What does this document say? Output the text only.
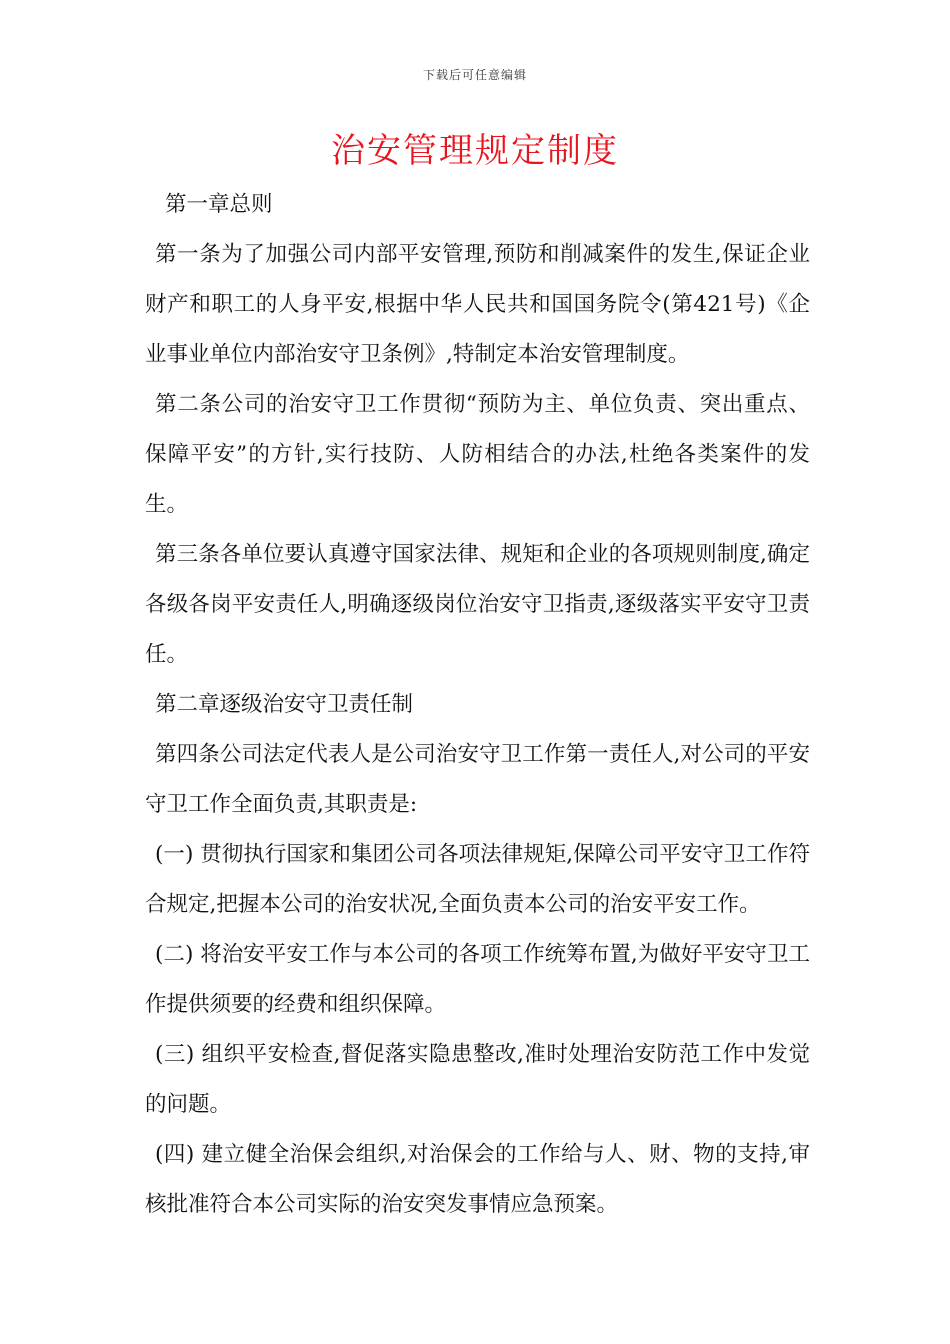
下载后可任意编辑
治安管理规定制度

第一章总则

第一条为了加强公司内部平安管理,预防和削减案件的发生,保证企业财产和职工的人身平安,根据中华人民共和国国务院令(第421号)《企业事业单位内部治安守卫条例》,特制定本治安管理制度。

第二条公司的治安守卫工作贯彻“预防为主、单位负责、突出重点、保障平安”的方针,实行技防、人防相结合的办法,杜绝各类案件的发生。

第三条各单位要认真遵守国家法律、规矩和企业的各项规则制度,确定各级各岗平安责任人,明确逐级岗位治安守卫指责,逐级落实平安守卫责任。

第二章逐级治安守卫责任制

第四条公司法定代表人是公司治安守卫工作第一责任人,对公司的平安守卫工作全面负责,其职责是:

(一) 贯彻执行国家和集团公司各项法律规矩,保障公司平安守卫工作符合规定,把握本公司的治安状况,全面负责本公司的治安平安工作。

(二) 将治安平安工作与本公司的各项工作统筹布置,为做好平安守卫工作提供须要的经费和组织保障。

(三) 组织平安检查,督促落实隐患整改,准时处理治安防范工作中发觉的问题。

(四) 建立健全治保会组织,对治保会的工作给与人、财、物的支持,审核批准符合本公司实际的治安突发事情应急预案。
